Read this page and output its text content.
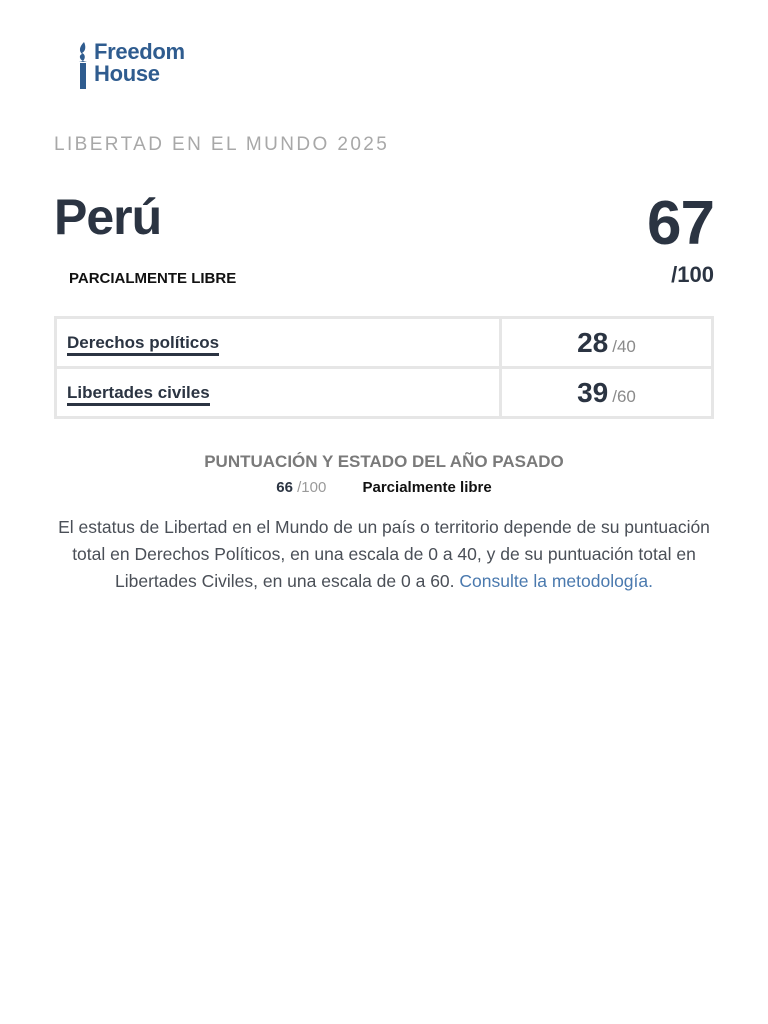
Freedom
House
LIBERTAD EN EL MUNDO 2025
Perú
PARCIALMENTE LIBRE
67
/100
Derechos políticos	28 /40
Libertades civiles	39 /60
PUNTUACIÓN Y ESTADO DEL AÑO PASADO
66 /100 Parcialmente libre
El estatus de Libertad en el Mundo de un país o territorio depende de su puntuación total en Derechos Políticos, en una escala de 0 a 40, y de su puntuación total en Libertades Civiles, en una escala de 0 a 60. Consulte la metodología.
